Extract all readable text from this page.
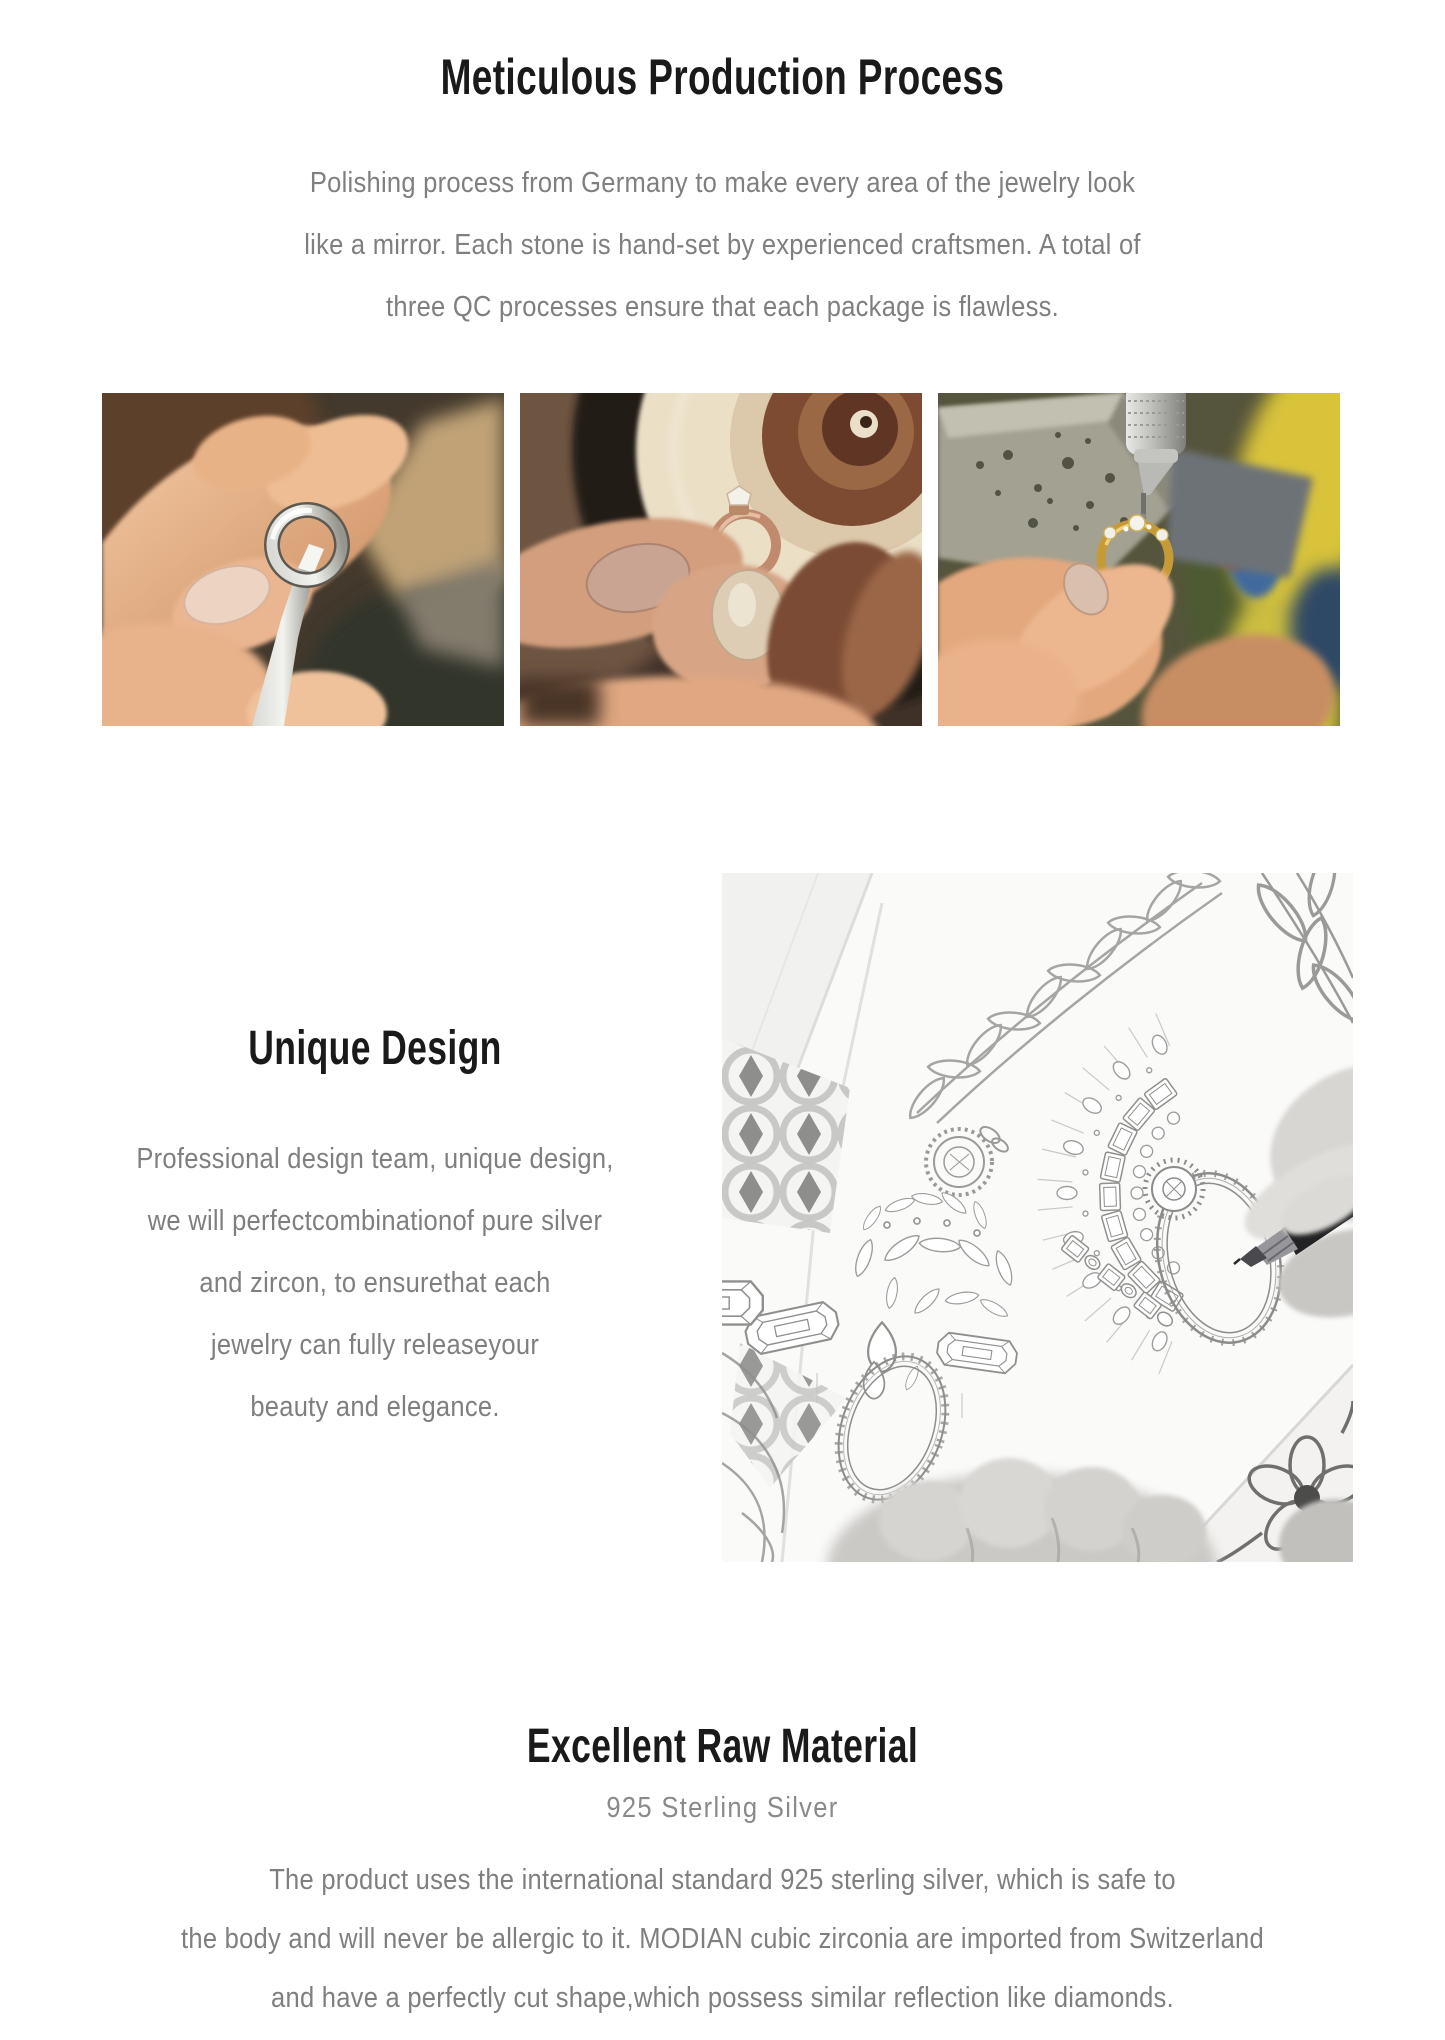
Meticulous Production Process

Polishing process from Germany to make every area of the jewelry look
like a mirror. Each stone is hand-set by experienced craftsmen. A total of
three QC processes ensure that each package is flawless.

Unique Design

Professional design team, unique design,
we will perfectcombinationof pure silver
and zircon, to ensurethat each
jewelry can fully releaseyour
beauty and elegance.

Excellent Raw Material
925 Sterling Silver

The product uses the international standard 925 sterling silver, which is safe to
the body and will never be allergic to it. MODIAN cubic zirconia are imported from Switzerland
and have a perfectly cut shape,which possess similar reflection like diamonds.
